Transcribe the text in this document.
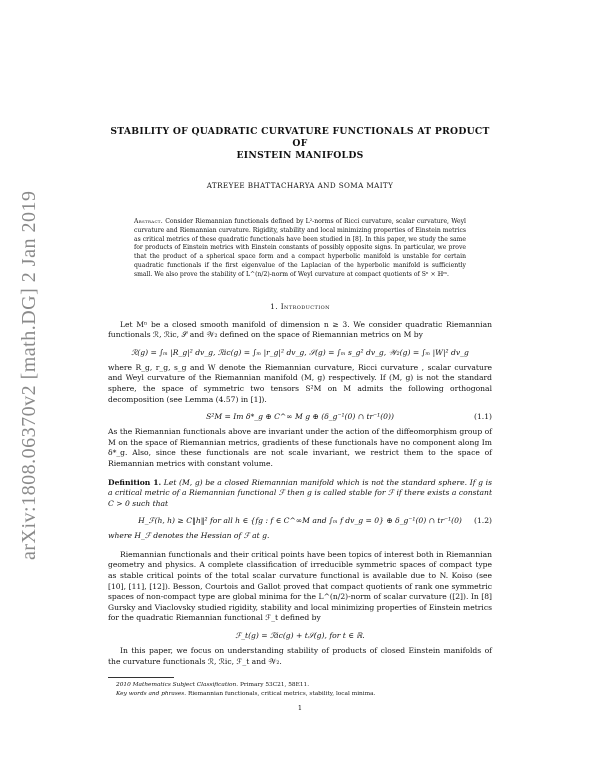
arXiv:1808.06370v2 [math.DG] 2 Jan 2019
STABILITY OF QUADRATIC CURVATURE FUNCTIONALS AT PRODUCT OF
EINSTEIN MANIFOLDS
ATREYEE BHATTACHARYA AND SOMA MAITY
Abstract. Consider Riemannian functionals defined by L²-norms of Ricci curvature, scalar curvature, Weyl curvature and Riemannian curvature. Rigidity, stability and local minimizing properties of Einstein metrics as critical metrics of these quadratic functionals have been studied in [8]. In this paper, we study the same for products of Einstein metrics with Einstein constants of possibly opposite signs. In particular, we prove that the product of a spherical space form and a compact hyperbolic manifold is unstable for certain quadratic functionals if the first eigenvalue of the Laplacian of the hyperbolic manifold is sufficiently small. We also prove the stability of L^(n/2)-norm of Weyl curvature at compact quotients of Sⁿ × ℍᵐ.
1. Introduction

Let Mⁿ be a closed smooth manifold of dimension n ≥ 3. We consider quadratic Riemannian functionals ℛ, ℛic, 𝒮 and 𝒲₂ defined on the space of Riemannian metrics on M by

ℛ(g) = ∫ₘ |R_g|² dv_g, ℛic(g) = ∫ₘ |r_g|² dv_g, 𝒮(g) = ∫ₘ s_g² dv_g, 𝒲₂(g) = ∫ₘ |W|² dv_g

where R_g, r_g, s_g and W denote the Riemannian curvature, Ricci curvature , scalar curvature and Weyl curvature of the Riemannian manifold (M, g) respectively. If (M, g) is not the standard sphere, the space of symmetric two tensors S²M on M admits the following orthogonal decomposition (see Lemma (4.57) in [1]).

S²M = Im δ*_g ⊕ C^∞ M g ⊕ (δ_g⁻¹(0) ∩ tr⁻¹(0))	(1.1)

As the Riemannian functionals above are invariant under the action of the diffeomorphism group of M on the space of Riemannian metrics, gradients of these functionals have no component along Im δ*_g. Also, since these functionals are not scale invariant, we restrict them to the space of Riemannian metrics with constant volume.

Definition 1. Let (M, g) be a closed Riemannian manifold which is not the standard sphere. If g is a critical metric of a Riemannian functional ℱ then g is called stable for ℱ if there exists a constant C > 0 such that

H_ℱ(h, h) ≥ C‖h‖² for all h ∈ {fg : f ∈ C^∞M and ∫ₘ f dv_g = 0} ⊕ δ_g⁻¹(0) ∩ tr⁻¹(0) (1.2)

where H_ℱ denotes the Hessian of ℱ at g.

Riemannian functionals and their critical points have been topics of interest both in Riemannian geometry and physics. A complete classification of irreducible symmetric spaces of compact type as stable critical points of the total scalar curvature functional is available due to N. Koiso (see [10], [11], [12]). Besson, Courtois and Gallot proved that compact quotients of rank one symmetric spaces of non-compact type are global minima for the L^(n/2)-norm of scalar curvature ([2]). In [8] Gursky and Viaclovsky studied rigidity, stability and local minimizing properties of Einstein metrics for the quadratic Riemannian functional ℱ_t defined by

ℱ_t(g) = ℛic(g) + t𝒮(g), for t ∈ ℝ.

In this paper, we focus on understanding stability of products of closed Einstein manifolds of the curvature functionals ℛ, ℛic, ℱ_t and 𝒲₂.

2010 Mathematics Subject Classification. Primary 53C21, 58E11.
Key words and phrases. Riemannian functionals, critical metrics, stability, local minima.
1
